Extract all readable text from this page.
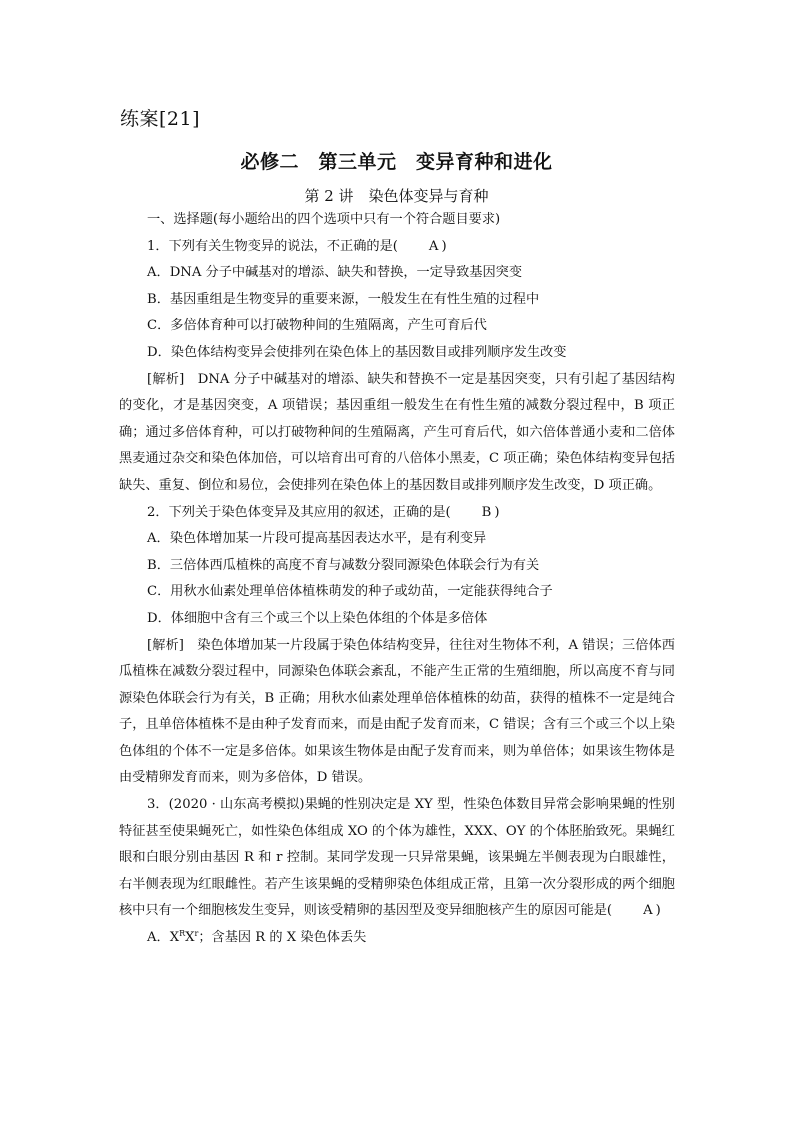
练案[21]
必修二　第三单元　变异育种和进化
第 2 讲　染色体变异与育种

一、选择题(每小题给出的四个选项中只有一个符合题目要求)

1．下列有关生物变异的说法，不正确的是( A )

A．DNA 分子中碱基对的增添、缺失和替换，一定导致基因突变

B．基因重组是生物变异的重要来源，一般发生在有性生殖的过程中

C．多倍体育种可以打破物种间的生殖隔离，产生可育后代

D．染色体结构变异会使排列在染色体上的基因数目或排列顺序发生改变

[解析]　DNA 分子中碱基对的增添、缺失和替换不一定是基因突变，只有引起了基因结构的变化，才是基因突变，A 项错误；基因重组一般发生在有性生殖的减数分裂过程中，B 项正确；通过多倍体育种，可以打破物种间的生殖隔离，产生可育后代，如六倍体普通小麦和二倍体黑麦通过杂交和染色体加倍，可以培育出可育的八倍体小黑麦，C 项正确；染色体结构变异包括缺失、重复、倒位和易位，会使排列在染色体上的基因数目或排列顺序发生改变，D 项正确。

2．下列关于染色体变异及其应用的叙述，正确的是( B )

A．染色体增加某一片段可提高基因表达水平，是有利变异

B．三倍体西瓜植株的高度不育与减数分裂同源染色体联会行为有关

C．用秋水仙素处理单倍体植株萌发的种子或幼苗，一定能获得纯合子

D．体细胞中含有三个或三个以上染色体组的个体是多倍体

[解析]　染色体增加某一片段属于染色体结构变异，往往对生物体不利，A 错误；三倍体西瓜植株在减数分裂过程中，同源染色体联会紊乱，不能产生正常的生殖细胞，所以高度不育与同源染色体联会行为有关，B 正确；用秋水仙素处理单倍体植株的幼苗，获得的植株不一定是纯合子，且单倍体植株不是由种子发育而来，而是由配子发育而来，C 错误；含有三个或三个以上染色体组的个体不一定是多倍体。如果该生物体是由配子发育而来，则为单倍体；如果该生物体是由受精卵发育而来，则为多倍体，D 错误。

3．(2020 · 山东高考模拟)果蝇的性别决定是 XY 型，性染色体数目异常会影响果蝇的性别特征甚至使果蝇死亡，如性染色体组成 XO 的个体为雄性，XXX、OY 的个体胚胎致死。果蝇红眼和白眼分别由基因 R 和 r 控制。某同学发现一只异常果蝇，该果蝇左半侧表现为白眼雄性，右半侧表现为红眼雌性。若产生该果蝇的受精卵染色体组成正常，且第一次分裂形成的两个细胞核中只有一个细胞核发生变异，则该受精卵的基因型及变异细胞核产生的原因可能是( A )

A．$X^RX^r$；含基因 R 的 X 染色体丢失
